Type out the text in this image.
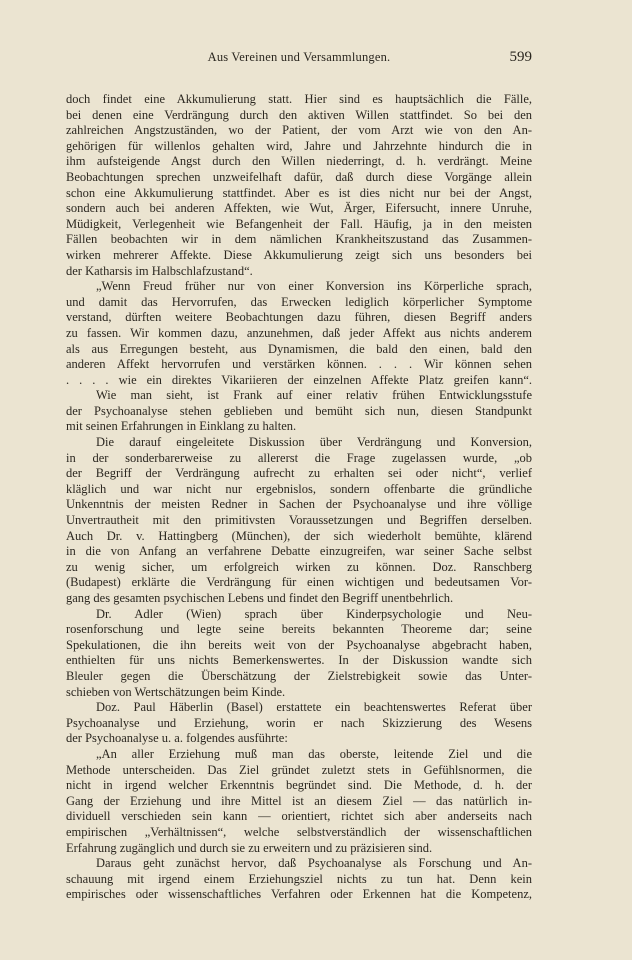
Aus Vereinen und Versammlungen.	599
doch findet eine Akkumulierung statt. Hier sind es hauptsächlich die Fälle,
bei denen eine Verdrängung durch den aktiven Willen stattfindet. So bei den
zahlreichen Angstzuständen, wo der Patient, der vom Arzt wie von den An-
gehörigen für willenlos gehalten wird, Jahre und Jahrzehnte hindurch die in
ihm aufsteigende Angst durch den Willen niederringt, d. h. verdrängt. Meine
Beobachtungen sprechen unzweifelhaft dafür, daß durch diese Vorgänge allein
schon eine Akkumulierung stattfindet. Aber es ist dies nicht nur bei der Angst,
sondern auch bei anderen Affekten, wie Wut, Ärger, Eifersucht, innere Unruhe,
Müdigkeit, Verlegenheit wie Befangenheit der Fall. Häufig, ja in den meisten
Fällen beobachten wir in dem nämlichen Krankheitszustand das Zusammen-
wirken mehrerer Affekte. Diese Akkumulierung zeigt sich uns besonders bei
der Katharsis im Halbschlafzustand“.
„Wenn Freud früher nur von einer Konversion ins Körperliche sprach,
und damit das Hervorrufen, das Erwecken lediglich körperlicher Symptome
verstand, dürften weitere Beobachtungen dazu führen, diesen Begriff anders
zu fassen. Wir kommen dazu, anzunehmen, daß jeder Affekt aus nichts anderem
als aus Erregungen besteht, aus Dynamismen, die bald den einen, bald den
anderen Affekt hervorrufen und verstärken können. . . . Wir können sehen
. . . . wie ein direktes Vikariieren der einzelnen Affekte Platz greifen kann“.
Wie man sieht, ist Frank auf einer relativ frühen Entwicklungsstufe
der Psychoanalyse stehen geblieben und bemüht sich nun, diesen Standpunkt
mit seinen Erfahrungen in Einklang zu halten.
Die darauf eingeleitete Diskussion über Verdrängung und Konversion,
in der sonderbarerweise zu allererst die Frage zugelassen wurde, „ob
der Begriff der Verdrängung aufrecht zu erhalten sei oder nicht“, verlief
kläglich und war nicht nur ergebnislos, sondern offenbarte die gründliche
Unkenntnis der meisten Redner in Sachen der Psychoanalyse und ihre völlige
Unvertrautheit mit den primitivsten Voraussetzungen und Begriffen derselben.
Auch Dr. v. Hattingberg (München), der sich wiederholt bemühte, klärend
in die von Anfang an verfahrene Debatte einzugreifen, war seiner Sache selbst
zu wenig sicher, um erfolgreich wirken zu können. Doz. Ranschberg
(Budapest) erklärte die Verdrängung für einen wichtigen und bedeutsamen Vor-
gang des gesamten psychischen Lebens und findet den Begriff unentbehrlich.
Dr. Adler (Wien) sprach über Kinderpsychologie und Neu-
rosenforschung und legte seine bereits bekannten Theoreme dar; seine
Spekulationen, die ihn bereits weit von der Psychoanalyse abgebracht haben,
enthielten für uns nichts Bemerkenswertes. In der Diskussion wandte sich
Bleuler gegen die Überschätzung der Zielstrebigkeit sowie das Unter-
schieben von Wertschätzungen beim Kinde.
Doz. Paul Häberlin (Basel) erstattete ein beachtenswertes Referat über
Psychoanalyse und Erziehung, worin er nach Skizzierung des Wesens
der Psychoanalyse u. a. folgendes ausführte:
„An aller Erziehung muß man das oberste, leitende Ziel und die
Methode unterscheiden. Das Ziel gründet zuletzt stets in Gefühlsnormen, die
nicht in irgend welcher Erkenntnis begründet sind. Die Methode, d. h. der
Gang der Erziehung und ihre Mittel ist an diesem Ziel — das natürlich in-
dividuell verschieden sein kann — orientiert, richtet sich aber anderseits nach
empirischen „Verhältnissen“, welche selbstverständlich der wissenschaftlichen
Erfahrung zugänglich und durch sie zu erweitern und zu präzisieren sind.
Daraus geht zunächst hervor, daß Psychoanalyse als Forschung und An-
schauung mit irgend einem Erziehungsziel nichts zu tun hat. Denn kein
empirisches oder wissenschaftliches Verfahren oder Erkennen hat die Kompetenz,
